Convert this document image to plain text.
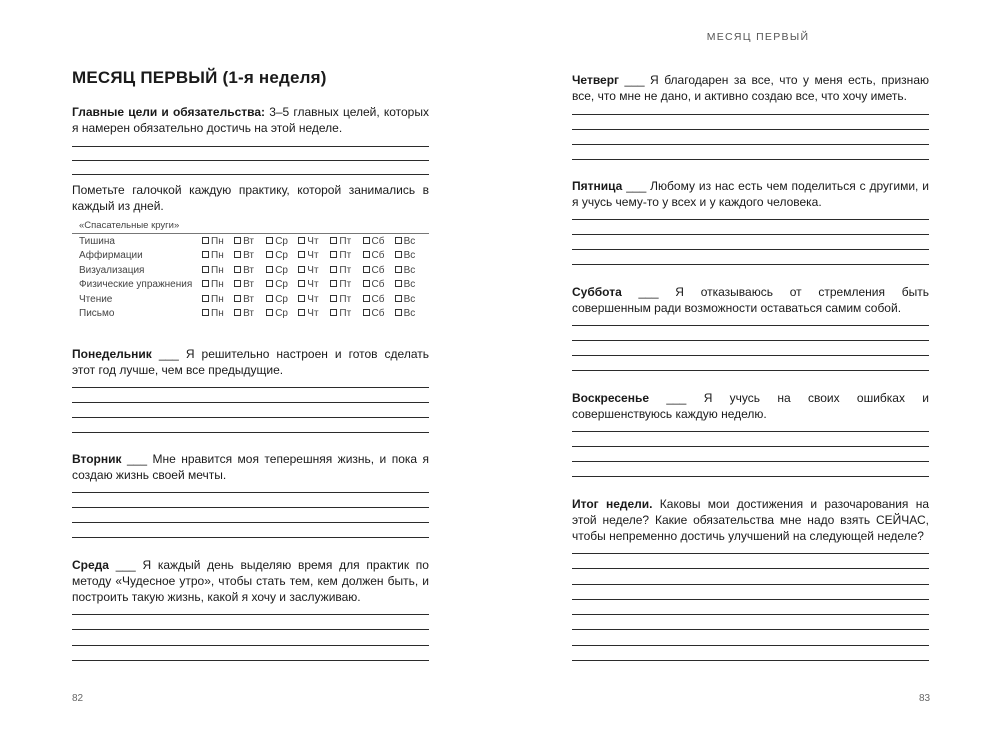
МЕСЯЦ ПЕРВЫЙ (1-я неделя)
Главные цели и обязательства: 3–5 главных целей, которых я намерен обязательно достичь на этой неделе.
Пометьте галочкой каждую практику, которой занимались в каждый из дней.
«Спасательные круги»
Тишина	Пн	Вт	Ср	Чт	Пт	Сб	Вс
Аффирмации	Пн	Вт	Ср	Чт	Пт	Сб	Вс
Визуализация	Пн	Вт	Ср	Чт	Пт	Сб	Вс
Физические упражнения	Пн	Вт	Ср	Чт	Пт	Сб	Вс
Чтение	Пн	Вт	Ср	Чт	Пт	Сб	Вс
Письмо	Пн	Вт	Ср	Чт	Пт	Сб	Вс
Понедельник ___ Я решительно настроен и готов сделать этот год лучше, чем все предыдущие.
Вторник ___ Мне нравится моя теперешняя жизнь, и пока я создаю жизнь своей мечты.
Среда ___ Я каждый день выделяю время для практик по методу «Чудесное утро», чтобы стать тем, кем должен быть, и построить такую жизнь, какой я хочу и заслуживаю.
82
МЕСЯЦ ПЕРВЫЙ
Четверг ___ Я благодарен за все, что у меня есть, признаю все, что мне не дано, и активно создаю все, что хочу иметь.
Пятница ___ Любому из нас есть чем поделиться с другими, и я учусь чему-то у всех и у каждого человека.
Суббота ___ Я отказываюсь от стремления быть совершенным ради возможности оставаться самим собой.
Воскресенье ___ Я учусь на своих ошибках и совершенствуюсь каждую неделю.
Итог недели. Каковы мои достижения и разочарования на этой неделе? Какие обязательства мне надо взять СЕЙЧАС, чтобы непременно достичь улучшений на следующей неделе?
83
